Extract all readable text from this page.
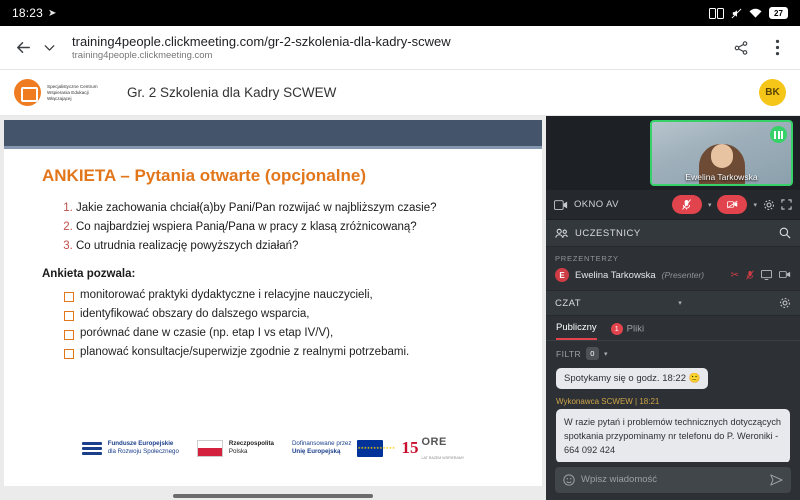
18:23 ➤	27
training4people.clickmeeting.com/gr-2-szkolenia-dla-kadry-scwew
training4people.clickmeeting.com
Specjalistyczne Centrum Wspierania Edukacji Włączającej	Gr. 2 Szkolenia dla Kadry SCWEW	BK
ANKIETA – Pytania otwarte (opcjonalne)
1. Jakie zachowania chciał(a)by Pani/Pan rozwijać w najbliższym czasie?
2. Co najbardziej wspiera Panią/Pana w pracy z klasą zróżnicowaną?
3. Co utrudnia realizację powyższych działań?
Ankieta pozwala:
monitorować praktyki dydaktyczne i relacyjne nauczycieli,
identyfikować obszary do dalszego wsparcia,
porównać dane w czasie (np. etap I vs etap IV/V),
planować konsultacje/superwizje zgodnie z realnymi potrzebami.
Fundusze Europejskie
dla Rozwoju Społecznego
Rzeczpospolita
Polska
Dofinansowane przez
Unię Europejską ★★★★★★★★★★★★	15 ORE
LAT RAZEM WSPIERAMY
Ewelina Tarkowska
OKNO AV	▾	▾
UCZESTNICY
PREZENTERZY
E	Ewelina Tarkowska (Presenter)	✂
CZAT	▾
Publiczny	1 Pliki
FILTR	0	▾
Spotykamy się o godz. 18:22 🙂
Wykonawca SCWEW | 18:21
W razie pytań i problemów technicznych dotyczących spotkania przypominamy nr telefonu do P. Weroniki - 664 092 424
Wpisz wiadomość
